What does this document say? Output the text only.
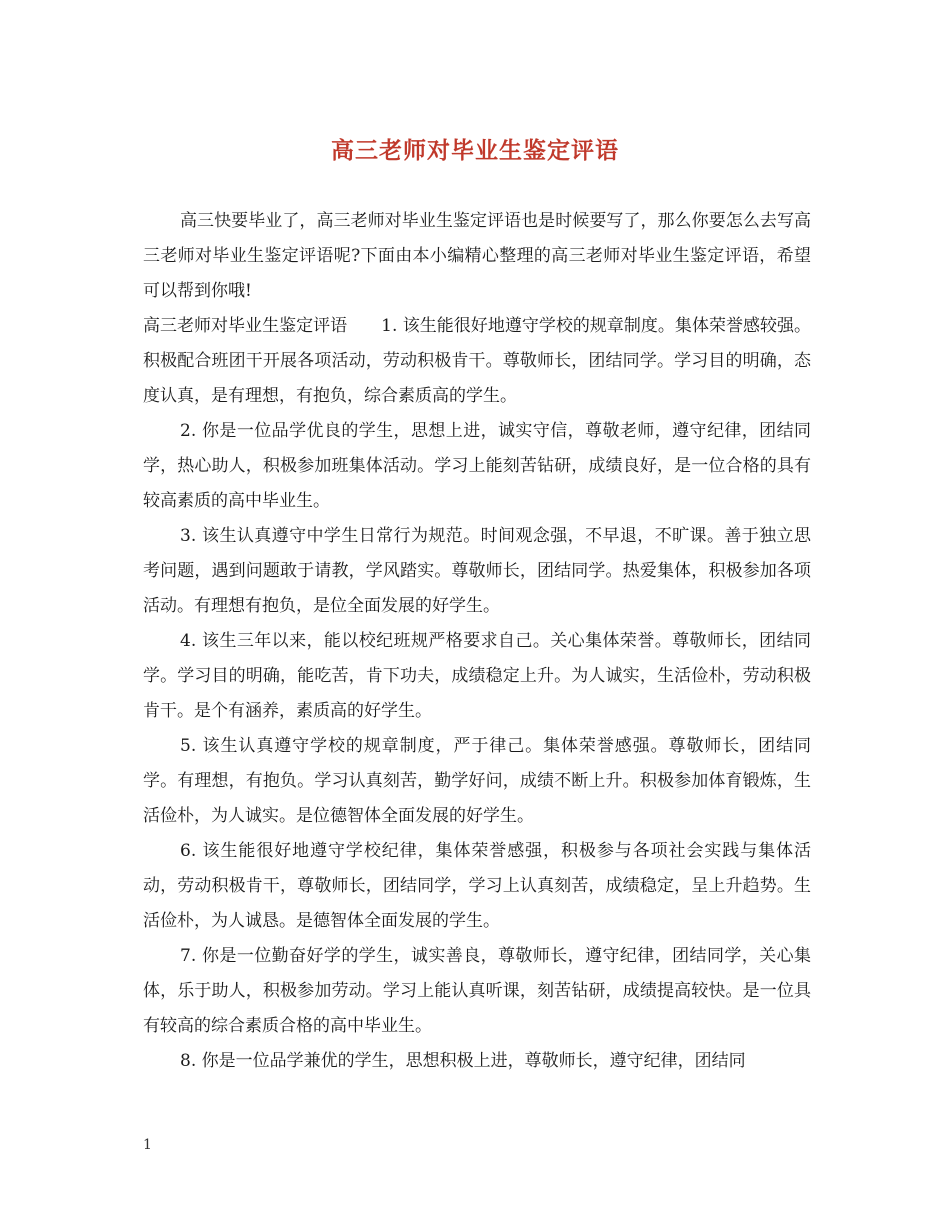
高三老师对毕业生鉴定评语

高三快要毕业了，高三老师对毕业生鉴定评语也是时候要写了，那么你要怎么去写高三老师对毕业生鉴定评语呢?下面由本小编精心整理的高三老师对毕业生鉴定评语，希望可以帮到你哦!

高三老师对毕业生鉴定评语　　1. 该生能很好地遵守学校的规章制度。集体荣誉感较强。积极配合班团干开展各项活动，劳动积极肯干。尊敬师长，团结同学。学习目的明确，态度认真，是有理想，有抱负，综合素质高的学生。

2. 你是一位品学优良的学生，思想上进，诚实守信，尊敬老师，遵守纪律，团结同学，热心助人，积极参加班集体活动。学习上能刻苦钻研，成绩良好，是一位合格的具有较高素质的高中毕业生。

3. 该生认真遵守中学生日常行为规范。时间观念强，不早退，不旷课。善于独立思考问题，遇到问题敢于请教，学风踏实。尊敬师长，团结同学。热爱集体，积极参加各项活动。有理想有抱负，是位全面发展的好学生。

4. 该生三年以来，能以校纪班规严格要求自己。关心集体荣誉。尊敬师长，团结同学。学习目的明确，能吃苦，肯下功夫，成绩稳定上升。为人诚实，生活俭朴，劳动积极肯干。是个有涵养，素质高的好学生。

5. 该生认真遵守学校的规章制度，严于律己。集体荣誉感强。尊敬师长，团结同学。有理想，有抱负。学习认真刻苦，勤学好问，成绩不断上升。积极参加体育锻炼，生活俭朴，为人诚实。是位德智体全面发展的好学生。

6. 该生能很好地遵守学校纪律，集体荣誉感强，积极参与各项社会实践与集体活动，劳动积极肯干，尊敬师长，团结同学，学习上认真刻苦，成绩稳定，呈上升趋势。生活俭朴，为人诚恳。是德智体全面发展的学生。

7. 你是一位勤奋好学的学生，诚实善良，尊敬师长，遵守纪律，团结同学，关心集体，乐于助人，积极参加劳动。学习上能认真听课，刻苦钻研，成绩提高较快。是一位具有较高的综合素质合格的高中毕业生。

8. 你是一位品学兼优的学生，思想积极上进，尊敬师长，遵守纪律，团结同

1
